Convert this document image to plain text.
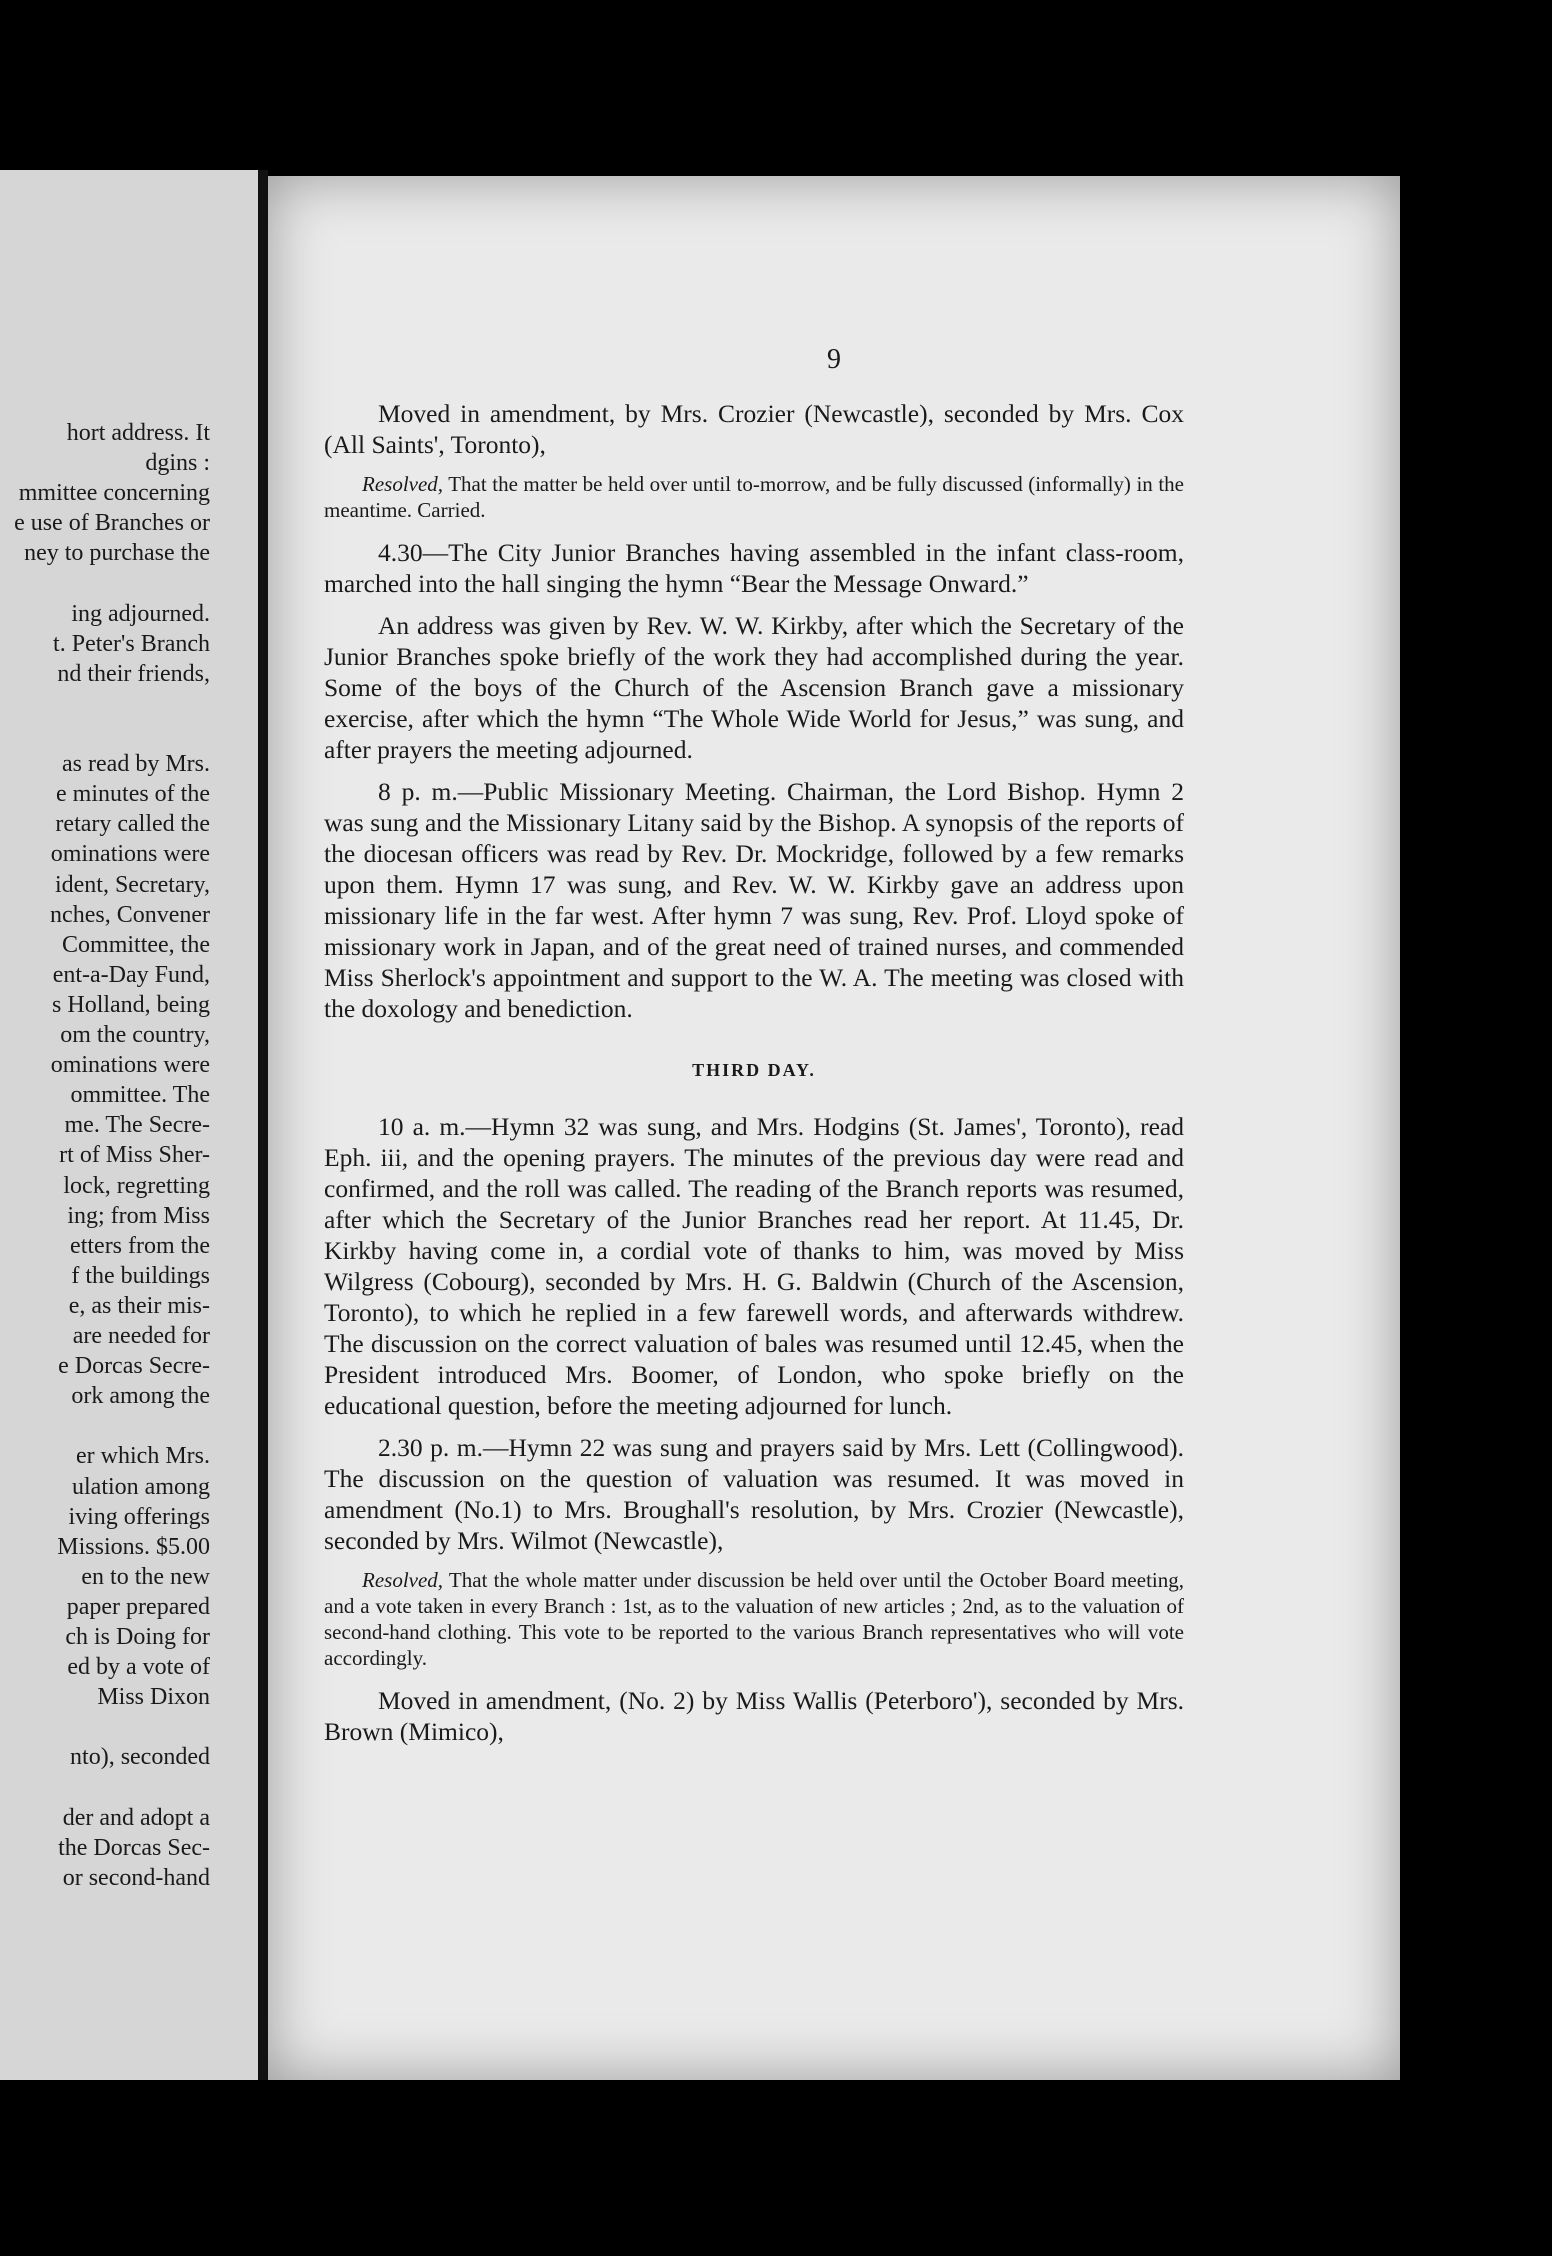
hort address. It
dgins :
mmittee concerning
e use of Branches or
ney to purchase the
ing adjourned.
t. Peter's Branch
nd their friends,
as read by Mrs.
e minutes of the
retary called the
ominations were
ident, Secretary,
nches, Convener
Committee, the
ent-a-Day Fund,
s Holland, being
om the country,
ominations were
ommittee. The
me. The Secre-
rt of Miss Sher-
lock, regretting
ing; from Miss
etters from the
f the buildings
e, as their mis-
are needed for
e Dorcas Secre-
ork among the
er which Mrs.
ulation among
iving offerings
Missions. $5.00
en to the new
paper prepared
ch is Doing for
ed by a vote of
Miss Dixon
nto), seconded
der and adopt a
the Dorcas Sec-
or second-hand
9

Moved in amendment, by Mrs. Crozier (Newcastle), seconded by Mrs. Cox (All Saints', Toronto),

Resolved, That the matter be held over until to-morrow, and be fully discussed (informally) in the meantime. Carried.

4.30—The City Junior Branches having assembled in the infant class-room, marched into the hall singing the hymn “Bear the Message Onward.”

An address was given by Rev. W. W. Kirkby, after which the Secretary of the Junior Branches spoke briefly of the work they had accomplished during the year. Some of the boys of the Church of the Ascension Branch gave a missionary exercise, after which the hymn “The Whole Wide World for Jesus,” was sung, and after prayers the meeting adjourned.

8 p. m.—Public Missionary Meeting. Chairman, the Lord Bishop. Hymn 2 was sung and the Missionary Litany said by the Bishop. A synopsis of the reports of the diocesan officers was read by Rev. Dr. Mockridge, followed by a few remarks upon them. Hymn 17 was sung, and Rev. W. W. Kirkby gave an address upon missionary life in the far west. After hymn 7 was sung, Rev. Prof. Lloyd spoke of missionary work in Japan, and of the great need of trained nurses, and commended Miss Sherlock's appointment and support to the W. A. The meeting was closed with the doxology and benediction.

THIRD DAY.

10 a. m.—Hymn 32 was sung, and Mrs. Hodgins (St. James', Toronto), read Eph. iii, and the opening prayers. The minutes of the previous day were read and confirmed, and the roll was called. The reading of the Branch reports was resumed, after which the Secretary of the Junior Branches read her report. At 11.45, Dr. Kirkby having come in, a cordial vote of thanks to him, was moved by Miss Wilgress (Cobourg), seconded by Mrs. H. G. Baldwin (Church of the Ascension, Toronto), to which he replied in a few farewell words, and afterwards withdrew. The discussion on the correct valuation of bales was resumed until 12.45, when the President introduced Mrs. Boomer, of London, who spoke briefly on the educational question, before the meeting adjourned for lunch.

2.30 p. m.—Hymn 22 was sung and prayers said by Mrs. Lett (Collingwood). The discussion on the question of valuation was resumed. It was moved in amendment (No.1) to Mrs. Broughall's resolution, by Mrs. Crozier (Newcastle), seconded by Mrs. Wilmot (Newcastle),

Resolved, That the whole matter under discussion be held over until the October Board meeting, and a vote taken in every Branch : 1st, as to the valuation of new articles ; 2nd, as to the valuation of second-hand clothing. This vote to be reported to the various Branch representatives who will vote accordingly.

Moved in amendment, (No. 2) by Miss Wallis (Peterboro'), seconded by Mrs. Brown (Mimico),
